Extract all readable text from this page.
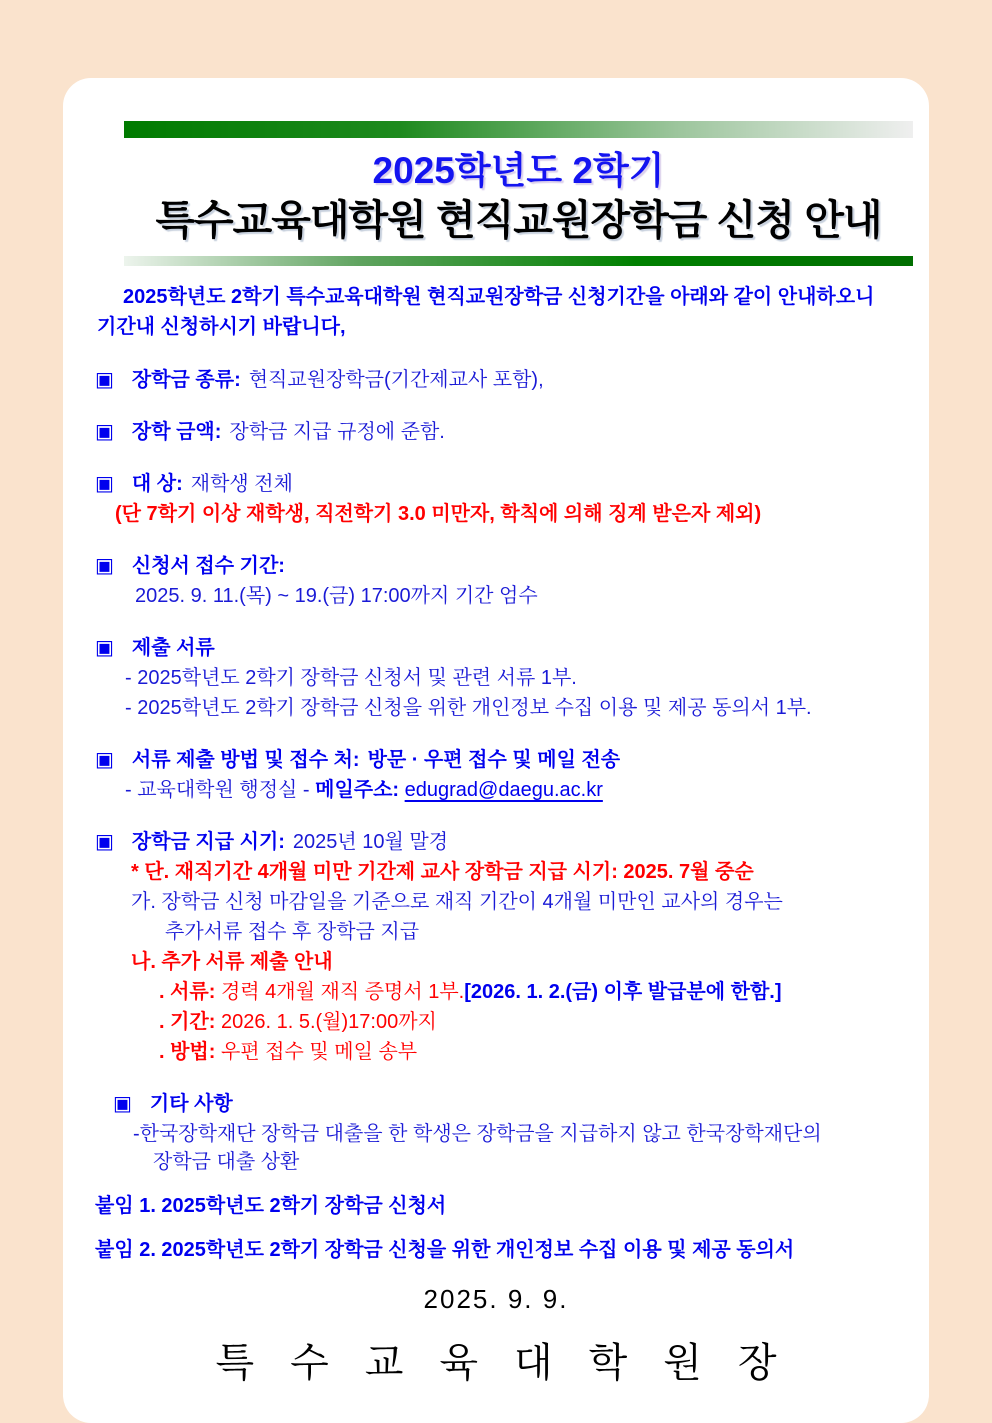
2025학년도 2학기
특수교육대학원 현직교원장학금 신청 안내

2025학년도 2학기 특수교육대학원 현직교원장학금 신청기간을 아래와 같이 안내하오니 기간내 신청하시기 바랍니다,

▣ 장학금 종류: 현직교원장학금(기간제교사 포함),
▣ 장학 금액: 장학금 지급 규정에 준함.
▣ 대 상: 재학생 전체
(단 7학기 이상 재학생, 직전학기 3.0 미만자, 학칙에 의해 징계 받은자 제외)
▣ 신청서 접수 기간:
2025. 9. 11.(목) ~ 19.(금) 17:00까지 기간 엄수
▣ 제출 서류
- 2025학년도 2학기 장학금 신청서 및 관련 서류 1부.
- 2025학년도 2학기 장학금 신청을 위한 개인정보 수집 이용 및 제공 동의서 1부.
▣ 서류 제출 방법 및 접수 처: 방문 · 우편 접수 및 메일 전송
- 교육대학원 행정실 - 메일주소: edugrad@daegu.ac.kr
▣ 장학금 지급 시기: 2025년 10월 말경
* 단. 재직기간 4개월 미만 기간제 교사 장학금 지급 시기: 2025. 7월 중순
가. 장학금 신청 마감일을 기준으로 재직 기간이 4개월 미만인 교사의 경우는
추가서류 접수 후 장학금 지급
나. 추가 서류 제출 안내
. 서류: 경력 4개월 재직 증명서 1부.[2026. 1. 2.(금) 이후 발급분에 한함.]
. 기간: 2026. 1. 5.(월)17:00까지
. 방법: 우편 접수 및 메일 송부
▣ 기타 사항
-한국장학재단 장학금 대출을 한 학생은 장학금을 지급하지 않고 한국장학재단의
장학금 대출 상환
붙임 1. 2025학년도 2학기 장학금 신청서
붙임 2. 2025학년도 2학기 장학금 신청을 위한 개인정보 수집 이용 및 제공 동의서
2025. 9. 9.
특수교육대학원장
